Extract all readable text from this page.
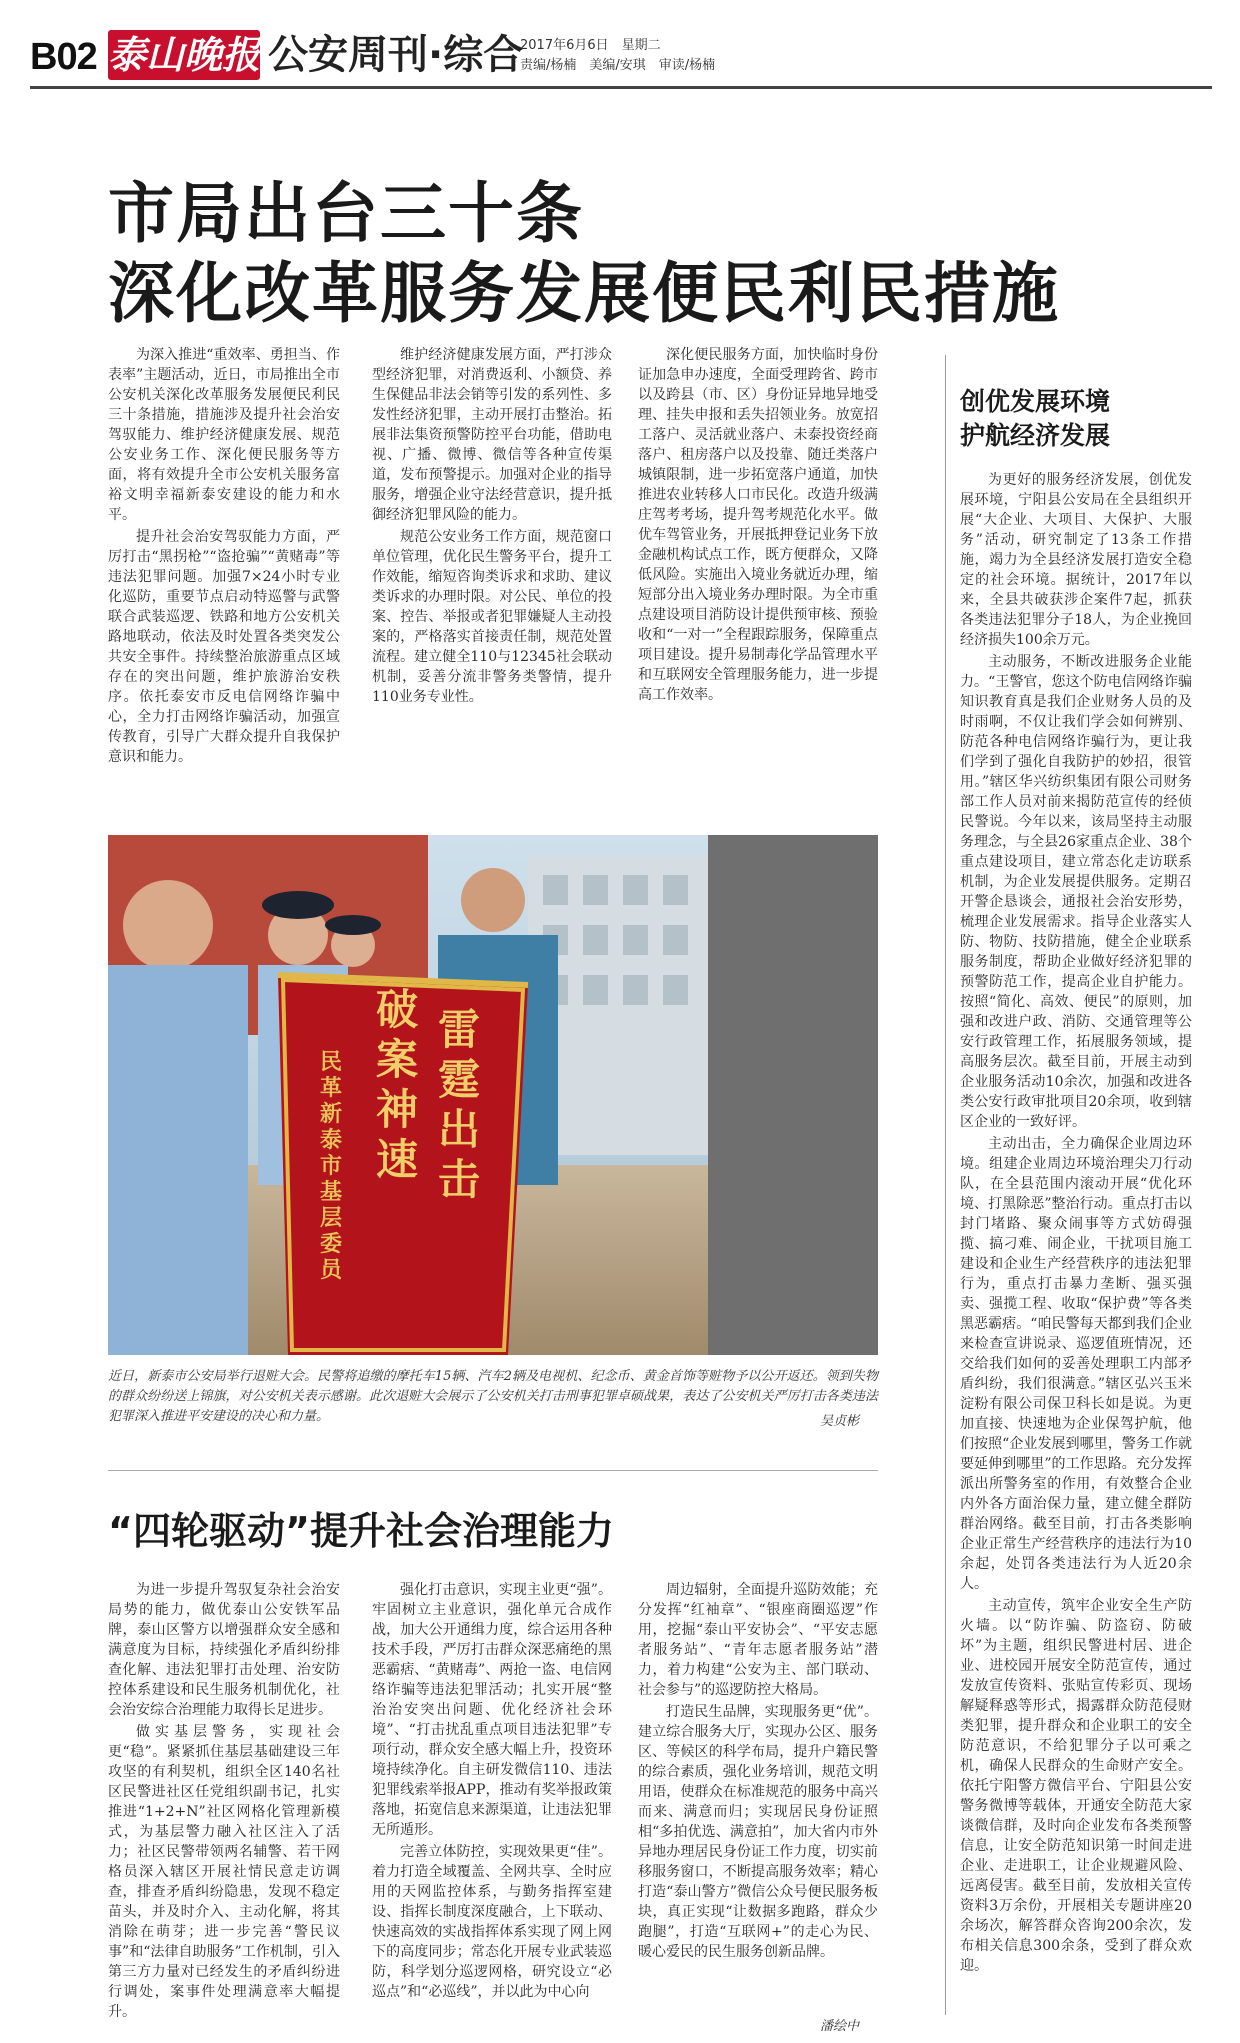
B02 泰山晚报 公安周刊·综合
2017年6月6日　星期二
责编/杨楠　美编/安琪　审读/杨楠
市局出台三十条
深化改革服务发展便民利民措施

为深入推进“重效率、勇担当、作表率”主题活动，近日，市局推出全市公安机关深化改革服务发展便民利民三十条措施，措施涉及提升社会治安驾驭能力、维护经济健康发展、规范公安业务工作、深化便民服务等方面，将有效提升全市公安机关服务富裕文明幸福新泰安建设的能力和水平。

提升社会治安驾驭能力方面，严厉打击“黑拐枪”“盗抢骗”“黄赌毒”等违法犯罪问题。加强7×24小时专业化巡防，重要节点启动特巡警与武警联合武装巡逻、铁路和地方公安机关路地联动，依法及时处置各类突发公共安全事件。持续整治旅游重点区域存在的突出问题，维护旅游治安秩序。依托泰安市反电信网络诈骗中心，全力打击网络诈骗活动，加强宣传教育，引导广大群众提升自我保护意识和能力。

维护经济健康发展方面，严打涉众型经济犯罪，对消费返利、小额贷、养生保健品非法会销等引发的系列性、多发性经济犯罪，主动开展打击整治。拓展非法集资预警防控平台功能，借助电视、广播、微博、微信等各种宣传渠道，发布预警提示。加强对企业的指导服务，增强企业守法经营意识，提升抵御经济犯罪风险的能力。

规范公安业务工作方面，规范窗口单位管理，优化民生警务平台，提升工作效能，缩短咨询类诉求和求助、建议类诉求的办理时限。对公民、单位的投案、控告、举报或者犯罪嫌疑人主动投案的，严格落实首接责任制，规范处置流程。建立健全110与12345社会联动机制，妥善分流非警务类警情，提升110业务专业性。

深化便民服务方面，加快临时身份证加急申办速度，全面受理跨省、跨市以及跨县（市、区）身份证异地异地受理、挂失申报和丢失招领业务。放宽招工落户、灵活就业落户、未泰投资经商落户、租房落户以及投靠、随迁类落户城镇限制，进一步拓宽落户通道，加快推进农业转移人口市民化。改造升级满庄驾考考场，提升驾考规范化水平。做优车驾管业务，开展抵押登记业务下放金融机构试点工作，既方便群众，又降低风险。实施出入境业务就近办理，缩短部分出入境业务办理时限。为全市重点建设项目消防设计提供预审核、预验收和“一对一”全程跟踪服务，保障重点项目建设。提升易制毒化学品管理水平和互联网安全管理服务能力，进一步提高工作效率。

创优发展环境
护航经济发展

为更好的服务经济发展，创优发展环境，宁阳县公安局在全县组织开展“大企业、大项目、大保护、大服务”活动，研究制定了13条工作措施，竭力为全县经济发展打造安全稳定的社会环境。据统计，2017年以来，全县共破获涉企案件7起，抓获各类违法犯罪分子18人，为企业挽回经济损失100余万元。

主动服务，不断改进服务企业能力。“王警官，您这个防电信网络诈骗知识教育真是我们企业财务人员的及时雨啊，不仅让我们学会如何辨别、防范各种电信网络诈骗行为，更让我们学到了强化自我防护的妙招，很管用。”辖区华兴纺织集团有限公司财务部工作人员对前来揭防范宣传的经侦民警说。今年以来，该局坚持主动服务理念，与全县26家重点企业、38个重点建设项目，建立常态化走访联系机制，为企业发展提供服务。定期召开警企恳谈会，通报社会治安形势，梳理企业发展需求。指导企业落实人防、物防、技防措施，健全企业联系服务制度，帮助企业做好经济犯罪的预警防范工作，提高企业自护能力。按照“简化、高效、便民”的原则，加强和改进户政、消防、交通管理等公安行政管理工作，拓展服务领域，提高服务层次。截至目前，开展主动到企业服务活动10余次，加强和改进各类公安行政审批项目20余项，收到辖区企业的一致好评。

主动出击，全力确保企业周边环境。组建企业周边环境治理尖刀行动队，在全县范围内滚动开展“优化环境、打黑除恶”整治行动。重点打击以封门堵路、聚众闹事等方式妨碍强揽、搞刁难、闹企业，干扰项目施工建设和企业生产经营秩序的违法犯罪行为，重点打击暴力垄断、强买强卖、强揽工程、收取“保护费”等各类黑恶霸痞。“咱民警每天都到我们企业来检查宣讲说录、巡逻值班情况，还交给我们如何的妥善处理职工内部矛盾纠纷，我们很满意。”辖区弘兴玉米淀粉有限公司保卫科长如是说。为更加直接、快速地为企业保驾护航，他们按照“企业发展到哪里，警务工作就要延伸到哪里”的工作思路。充分发挥派出所警务室的作用，有效整合企业内外各方面治保力量，建立健全群防群治网络。截至目前，打击各类影响企业正常生产经营秩序的违法行为10余起，处罚各类违法行为人近20余人。

主动宣传，筑牢企业安全生产防火墙。以“防诈骗、防盗窃、防破坏”为主题，组织民警进村居、进企业、进校园开展安全防范宣传，通过发放宣传资料、张贴宣传彩页、现场解疑释惑等形式，揭露群众防范侵财类犯罪，提升群众和企业职工的安全防范意识，不给犯罪分子以可乘之机，确保人民群众的生命财产安全。依托宁阳警方微信平台、宁阳县公安警务微博等载体，开通安全防范大家谈微信群，及时向企业发布各类预警信息，让安全防范知识第一时间走进企业、走进职工，让企业规避风险、远离侵害。截至目前，发放相关宣传资料3万余份，开展相关专题讲座20余场次，解答群众咨询200余次，发布相关信息300余条，受到了群众欢迎。

民革新泰市基层委员
雷霆出击
破案神速
近日，新泰市公安局举行退赃大会。民警将追缴的摩托车15辆、汽车2辆及电视机、纪念币、黄金首饰等赃物予以公开返还。领到失物的群众纷纷送上锦旗，对公安机关表示感谢。此次退赃大会展示了公安机关打击刑事犯罪卓硕战果，表达了公安机关严厉打击各类违法犯罪深入推进平安建设的决心和力量。	吴贞彬
“四轮驱动”提升社会治理能力

为进一步提升驾驭复杂社会治安局势的能力，做优泰山公安铁军品牌，泰山区警方以增强群众安全感和满意度为目标，持续强化矛盾纠纷排查化解、违法犯罪打击处理、治安防控体系建设和民生服务机制优化，社会治安综合治理能力取得长足进步。

做实基层警务，实现社会更“稳”。紧紧抓住基层基础建设三年攻坚的有利契机，组织全区140名社区民警进社区任党组织副书记，扎实推进“1+2+N”社区网格化管理新模式，为基层警力融入社区注入了活力；社区民警带领两名辅警、若干网格员深入辖区开展社情民意走访调查，排查矛盾纠纷隐患，发现不稳定苗头，并及时介入、主动化解，将其消除在萌芽；进一步完善“警民议事”和“法律自助服务”工作机制，引入第三方力量对已经发生的矛盾纠纷进行调处，案事件处理满意率大幅提升。

强化打击意识，实现主业更“强”。牢固树立主业意识，强化单元合成作战，加大公开通缉力度，综合运用各种技术手段，严厉打击群众深恶痛绝的黑恶霸痞、“黄赌毒”、两抢一盗、电信网络诈骗等违法犯罪活动；扎实开展“整治治安突出问题、优化经济社会环境”、“打击扰乱重点项目违法犯罪”专项行动，群众安全感大幅上升，投资环境持续净化。自主研发微信110、违法犯罪线索举报APP，推动有奖举报政策落地，拓宽信息来源渠道，让违法犯罪无所遁形。

完善立体防控，实现效果更“佳”。着力打造全域覆盖、全网共享、全时应用的天网监控体系，与勤务指挥室建设、指挥长制度深度融合，上下联动、快速高效的实战指挥体系实现了网上网下的高度同步；常态化开展专业武装巡防，科学划分巡逻网格，研究设立“必巡点”和“必巡线”，并以此为中心向

周边辐射，全面提升巡防效能；充分发挥“红袖章”、“银座商圈巡逻”作用，挖掘“泰山平安协会”、“平安志愿者服务站”、“青年志愿者服务站”潜力，着力构建“公安为主、部门联动、社会参与”的巡逻防控大格局。

打造民生品牌，实现服务更“优”。建立综合服务大厅，实现办公区、服务区、等候区的科学布局，提升户籍民警的综合素质，强化业务培训，规范文明用语，使群众在标准规范的服务中高兴而来、满意而归；实现居民身份证照相“多拍优选、满意拍”，加大省内市外异地办理居民身份证工作力度，切实前移服务窗口，不断提高服务效率；精心打造“泰山警方”微信公众号便民服务板块，真正实现“让数据多跑路，群众少跑腿”，打造“互联网+”的走心为民、暖心爱民的民生服务创新品牌。

潘绘中
